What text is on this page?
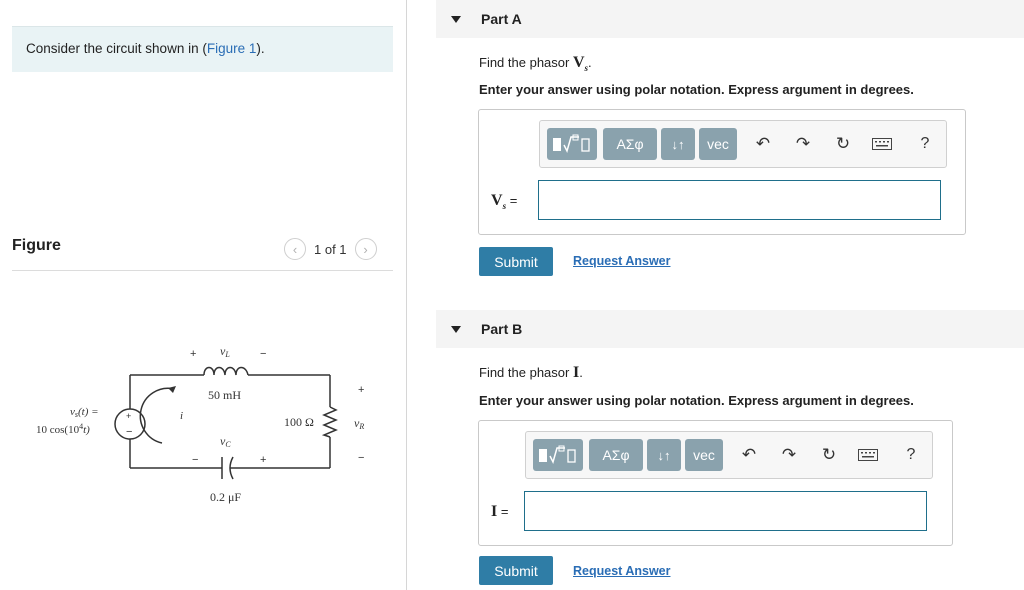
Consider the circuit shown in (Figure 1).
Figure	‹ 1 of 1 ›
+
−
vs(t) =
10 $\cos(10^4t)$
+ vL	−
50 mH
i
vC
−	+
0.2 μF
100 Ω
+
vR
−
Part A
Find the phasor $V_s$.
Enter your answer using polar notation. Express argument in degrees.
ΑΣφ	↓↑	vec	↶ ↷ ↻	?
$V_s$ =
Submit	Request Answer
Part B
Find the phasor I.
Enter your answer using polar notation. Express argument in degrees.
ΑΣφ	↓↑	vec	↶ ↷ ↻	?
I =
Submit	Request Answer
